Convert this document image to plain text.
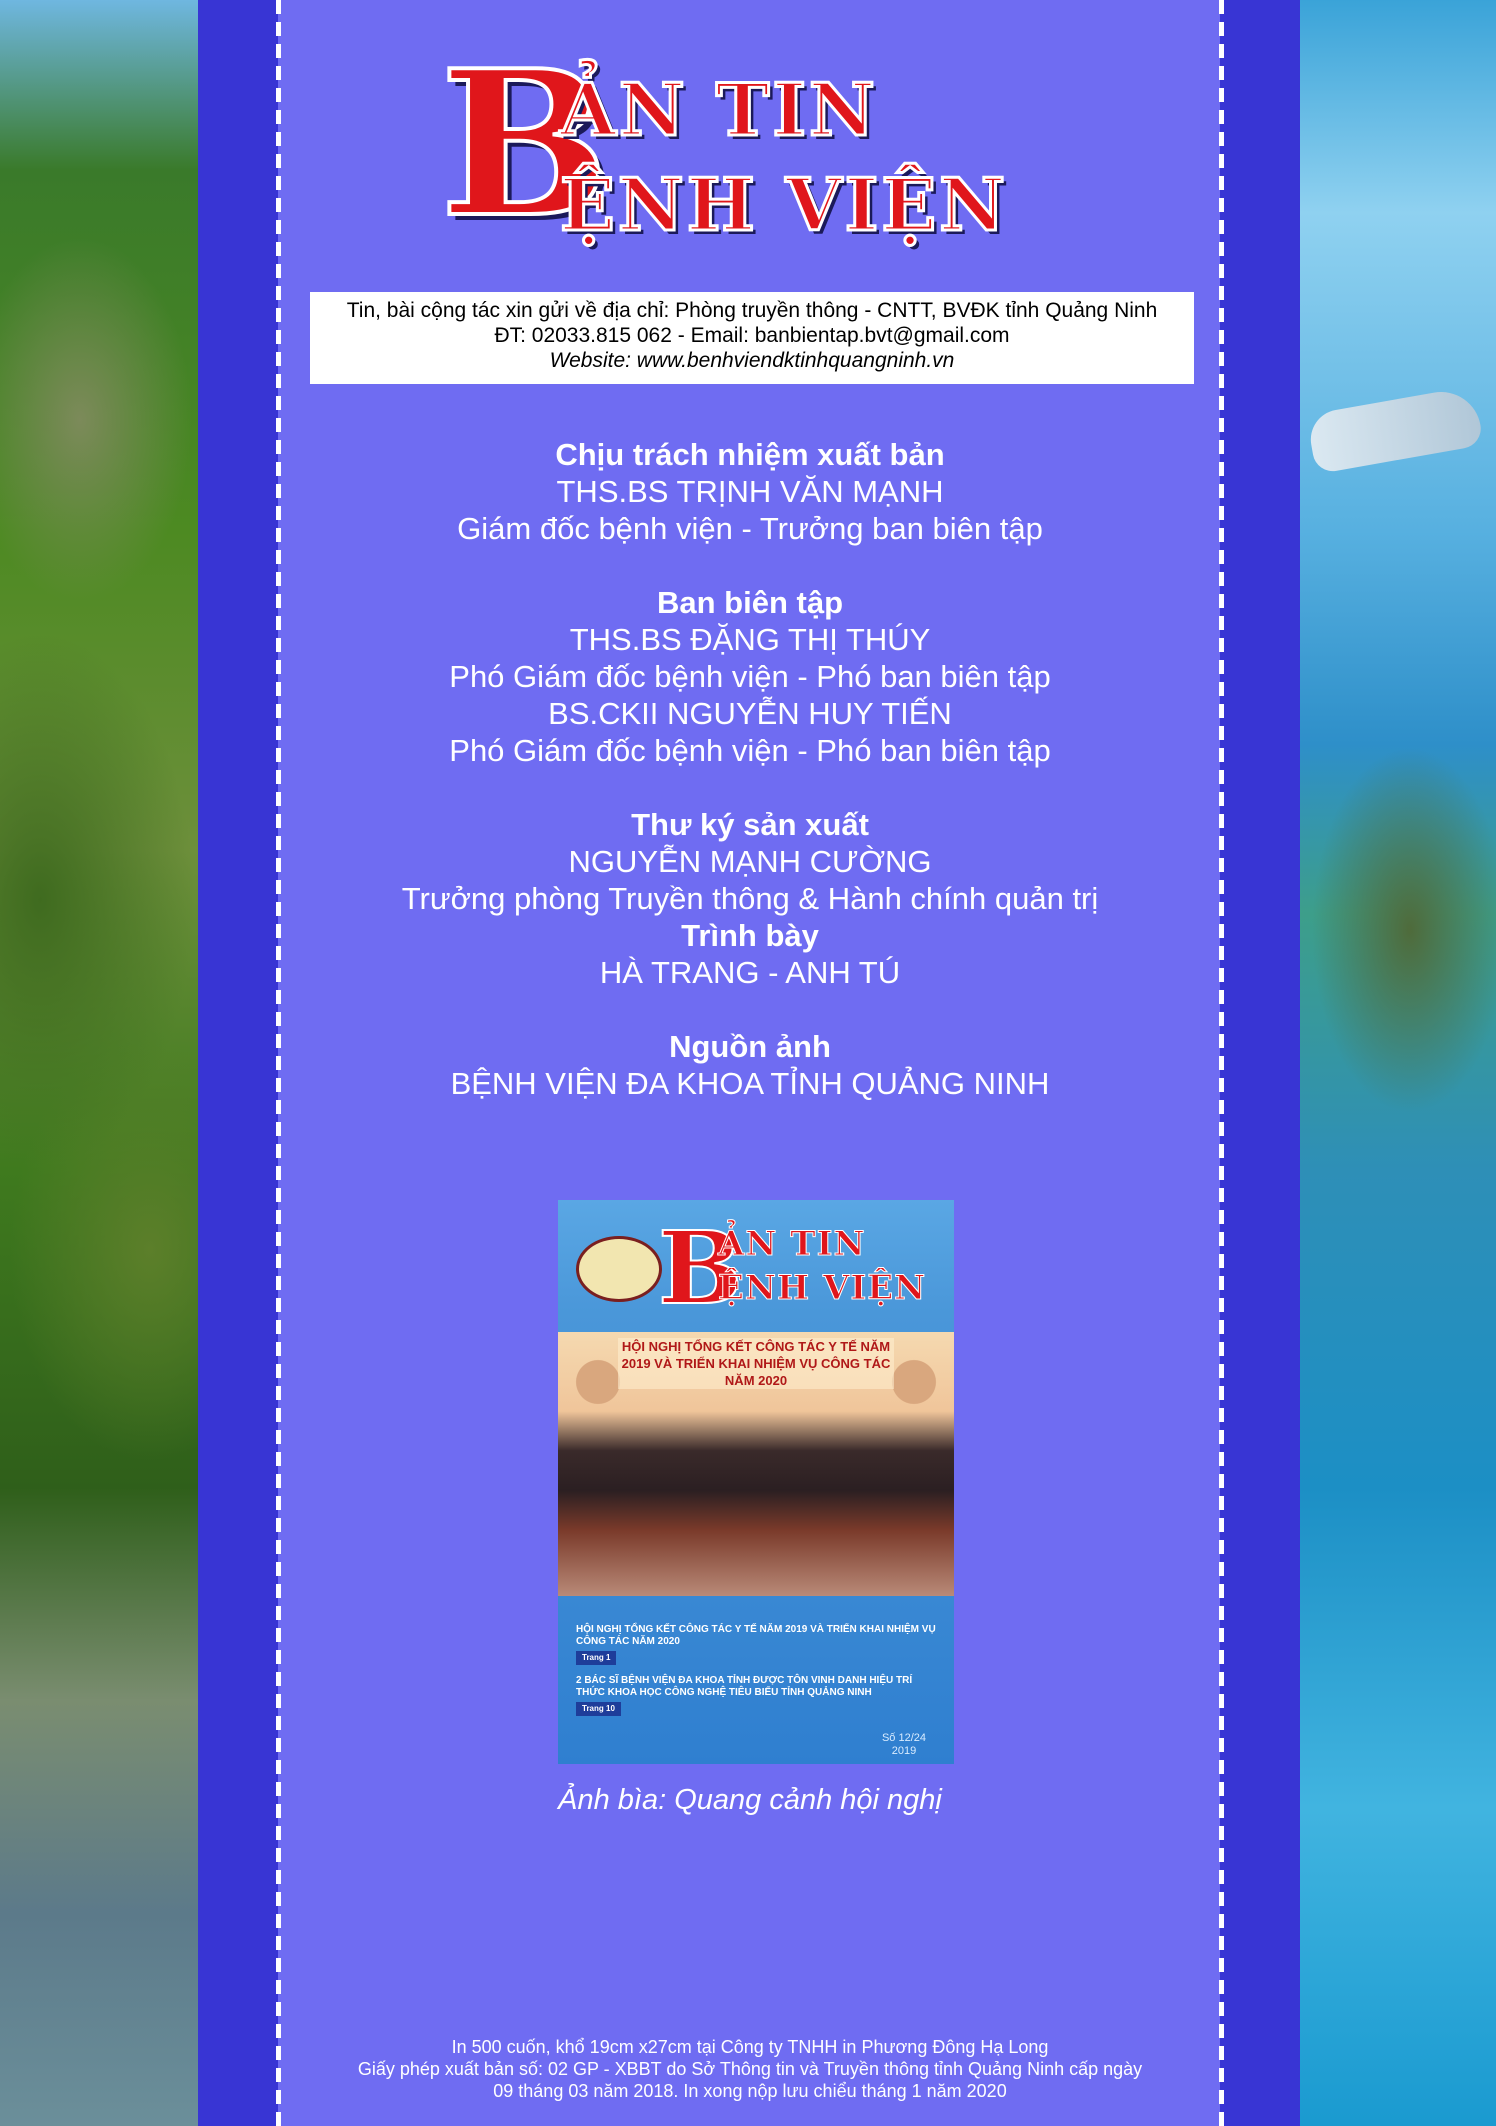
B
ẢN TIN
ỆNH VIỆN
Tin, bài cộng tác xin gửi về địa chỉ: Phòng truyền thông - CNTT, BVĐK tỉnh Quảng Ninh
ĐT: 02033.815 062 - Email: banbientap.bvt@gmail.com
Website: www.benhviendktinhquangninh.vn
Chịu trách nhiệm xuất bản
THS.BS TRỊNH VĂN MẠNH
Giám đốc bệnh viện - Trưởng ban biên tập
Ban biên tập
THS.BS ĐẶNG THỊ THÚY
Phó Giám đốc bệnh viện - Phó ban biên tập
BS.CKII NGUYỄN HUY TIẾN
Phó Giám đốc bệnh viện - Phó ban biên tập
Thư ký sản xuất
NGUYỄN MẠNH CƯỜNG
Trưởng phòng Truyền thông & Hành chính quản trị
Trình bày
HÀ TRANG - ANH TÚ
Nguồn ảnh
BỆNH VIỆN ĐA KHOA TỈNH QUẢNG NINH
B
ẢN TIN
ỆNH VIỆN
HỘI NGHỊ TỔNG KẾT CÔNG TÁC Y TẾ NĂM 2019 VÀ TRIỂN KHAI NHIỆM VỤ CÔNG TÁC NĂM 2020
HỘI NGHỊ TỔNG KẾT CÔNG TÁC Y TẾ NĂM 2019 VÀ TRIỂN KHAI NHIỆM VỤ CÔNG TÁC NĂM 2020
Trang 1
2 BÁC SĨ BỆNH VIỆN ĐA KHOA TỈNH ĐƯỢC TÔN VINH DANH HIỆU TRÍ THỨC KHOA HỌC CÔNG NGHỆ TIÊU BIỂU TỈNH QUẢNG NINH
Trang 10
Số 12/24
2019
Ảnh bìa: Quang cảnh hội nghị
In 500 cuốn, khổ 19cm x27cm tại Công ty TNHH in Phương Đông Hạ Long
Giấy phép xuất bản số: 02 GP - XBBT do Sở Thông tin và Truyền thông tỉnh Quảng Ninh cấp ngày
09 tháng 03 năm 2018. In xong nộp lưu chiểu tháng 1 năm 2020
